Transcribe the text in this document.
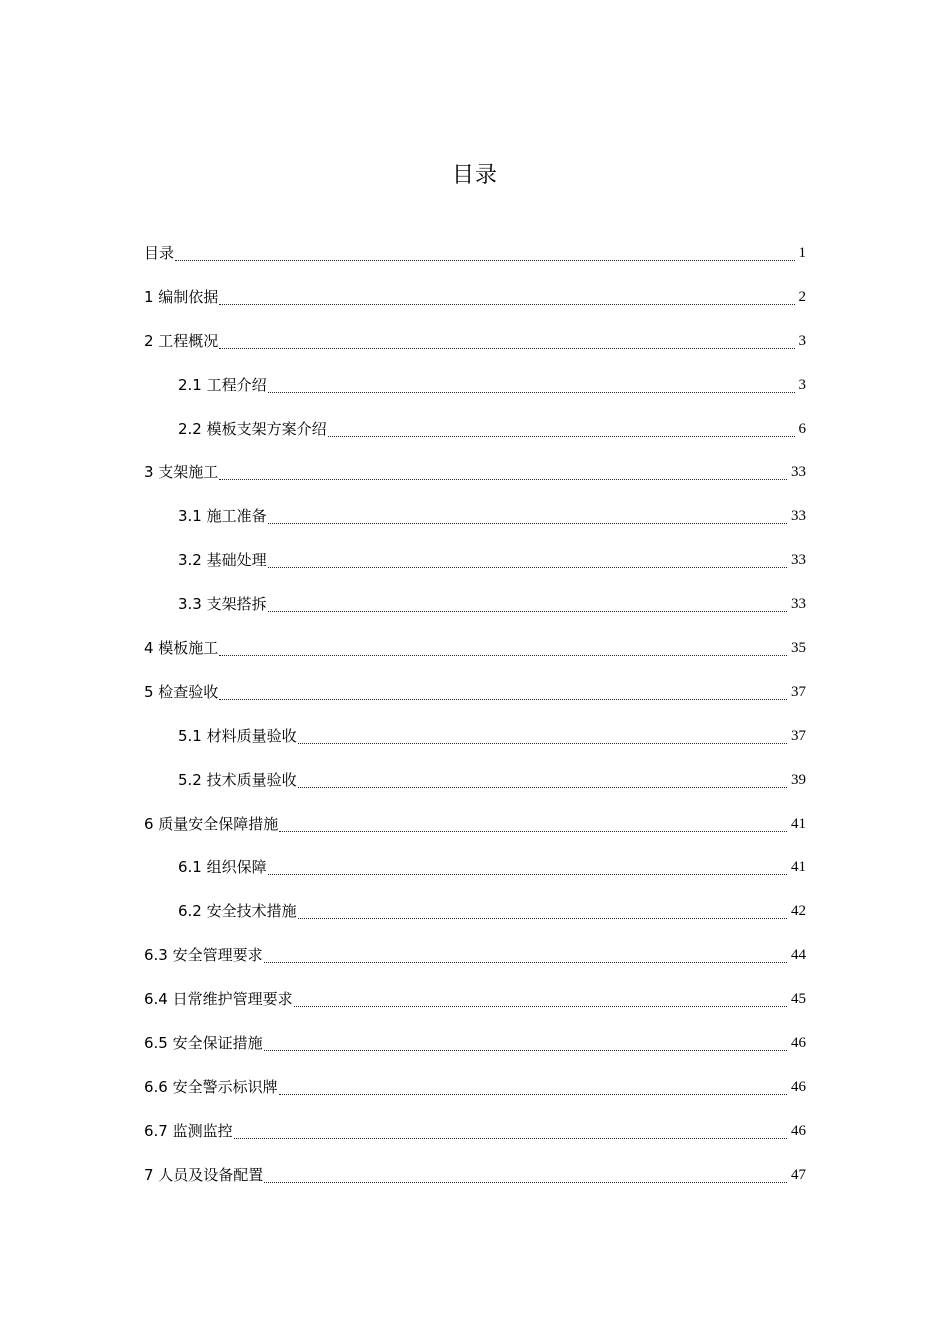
目录
目录	1
1 编制依据	2
2 工程概况	3
2.1 工程介绍	3
2.2 模板支架方案介绍	6
3 支架施工	33
3.1 施工准备	33
3.2 基础处理	33
3.3 支架搭拆	33
4 模板施工	35
5 检查验收	37
5.1 材料质量验收	37
5.2 技术质量验收	39
6 质量安全保障措施	41
6.1 组织保障	41
6.2 安全技术措施	42
6.3 安全管理要求	44
6.4 日常维护管理要求	45
6.5 安全保证措施	46
6.6 安全警示标识牌	46
6.7 监测监控	46
7 人员及设备配置	47
